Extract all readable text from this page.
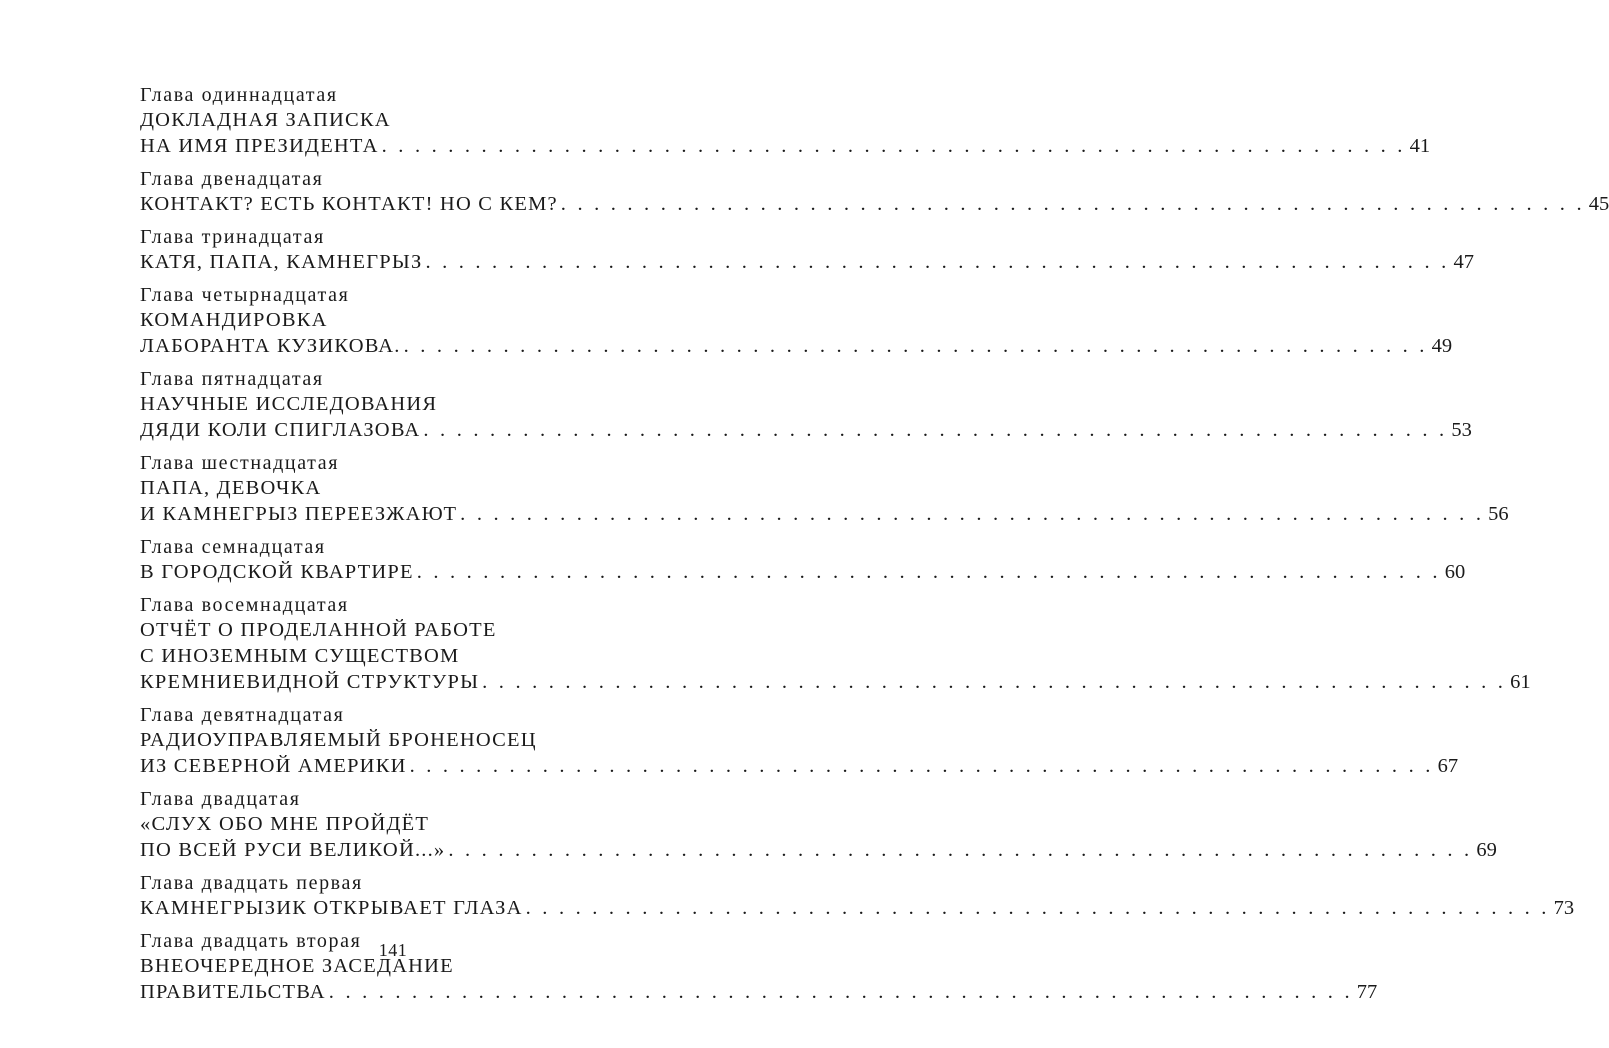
Глава одиннадцатая
ДОКЛАДНАЯ ЗАПИСКА
НА ИМЯ ПРЕЗИДЕНТА . . . . . . . . . . . . . . . . . . . . . . . . . . . . . . . . . . . . . . . . . . . . . . . . . . . . . . . . . . . . . . 41
Глава двенадцатая
КОНТАКТ? ЕСТЬ КОНТАКТ! НО С КЕМ? . . . . . . . . . . . . . . . . . . . . . . . . . . . . . . . . . . . . . . . . . . . . . . . . . . . . . . . . . . . . . . 45
Глава тринадцатая
КАТЯ, ПАПА, КАМНЕГРЫЗ . . . . . . . . . . . . . . . . . . . . . . . . . . . . . . . . . . . . . . . . . . . . . . . . . . . . . . . . . . . . . . 47
Глава четырнадцатая
КОМАНДИРОВКА
ЛАБОРАНТА КУЗИКОВА. . . . . . . . . . . . . . . . . . . . . . . . . . . . . . . . . . . . . . . . . . . . . . . . . . . . . . . . . . . . . . . 49
Глава пятнадцатая
НАУЧНЫЕ ИССЛЕДОВАНИЯ
ДЯДИ КОЛИ СПИГЛАЗОВА . . . . . . . . . . . . . . . . . . . . . . . . . . . . . . . . . . . . . . . . . . . . . . . . . . . . . . . . . . . . . . 53
Глава шестнадцатая
ПАПА, ДЕВОЧКА
И КАМНЕГРЫЗ ПЕРЕЕЗЖАЮТ . . . . . . . . . . . . . . . . . . . . . . . . . . . . . . . . . . . . . . . . . . . . . . . . . . . . . . . . . . . . . . 56
Глава семнадцатая
В ГОРОДСКОЙ КВАРТИРЕ . . . . . . . . . . . . . . . . . . . . . . . . . . . . . . . . . . . . . . . . . . . . . . . . . . . . . . . . . . . . . . 60
Глава восемнадцатая
ОТЧЁТ О ПРОДЕЛАННОЙ РАБОТЕ
С ИНОЗЕМНЫМ СУЩЕСТВОМ
КРЕМНИЕВИДНОЙ СТРУКТУРЫ . . . . . . . . . . . . . . . . . . . . . . . . . . . . . . . . . . . . . . . . . . . . . . . . . . . . . . . . . . . . . . 61
Глава девятнадцатая
РАДИОУПРАВЛЯЕМЫЙ БРОНЕНОСЕЦ
ИЗ СЕВЕРНОЙ АМЕРИКИ . . . . . . . . . . . . . . . . . . . . . . . . . . . . . . . . . . . . . . . . . . . . . . . . . . . . . . . . . . . . . . 67
Глава двадцатая
«СЛУХ ОБО МНЕ ПРОЙДЁТ
ПО ВСЕЙ РУСИ ВЕЛИКОЙ...» . . . . . . . . . . . . . . . . . . . . . . . . . . . . . . . . . . . . . . . . . . . . . . . . . . . . . . . . . . . . . . 69
Глава двадцать первая
КАМНЕГРЫЗИК ОТКРЫВАЕТ ГЛАЗА . . . . . . . . . . . . . . . . . . . . . . . . . . . . . . . . . . . . . . . . . . . . . . . . . . . . . . . . . . . . . . 73
Глава двадцать вторая
ВНЕОЧЕРЕДНОЕ ЗАСЕДАНИЕ
ПРАВИТЕЛЬСТВА . . . . . . . . . . . . . . . . . . . . . . . . . . . . . . . . . . . . . . . . . . . . . . . . . . . . . . . . . . . . . . 77
141
